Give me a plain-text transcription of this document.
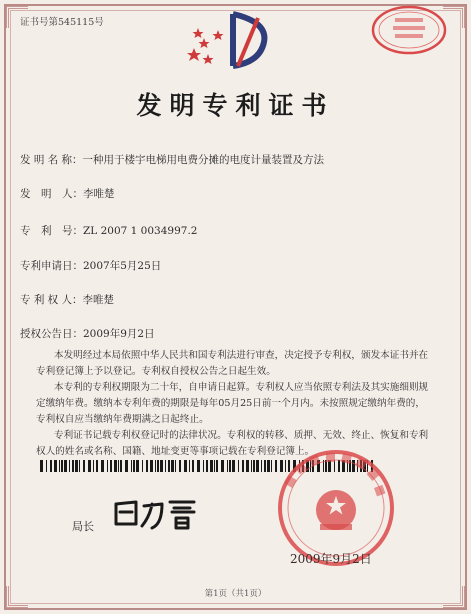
证书号第545115号
发明专利证书
发 明 名 称：一种用于楼宇电梯用电费分摊的电度计量装置及方法
发　明　人：李唯楚
专　利　号：ZL 2007 1 0034997.2
专利申请日：2007年5月25日
专 利 权 人：李唯楚
授权公告日：2009年9月2日
本发明经过本局依照中华人民共和国专利法进行审查，决定授予专利权，颁发本证书并在专利登记簿上予以登记。专利权自授权公告之日起生效。
本专利的专利权期限为二十年，自申请日起算。专利权人应当依照专利法及其实施细则规定缴纳年费。缴纳本专利年费的期限是每年05月25日前一个月内。未按照规定缴纳年费的，专利权自应当缴纳年费期满之日起终止。
专利证书记载专利权登记时的法律状况。专利权的转移、质押、无效、终止、恢复和专利权人的姓名或名称、国籍、地址变更等事项记载在专利登记簿上。
局长
2009年9月2日
第1页（共1页）
